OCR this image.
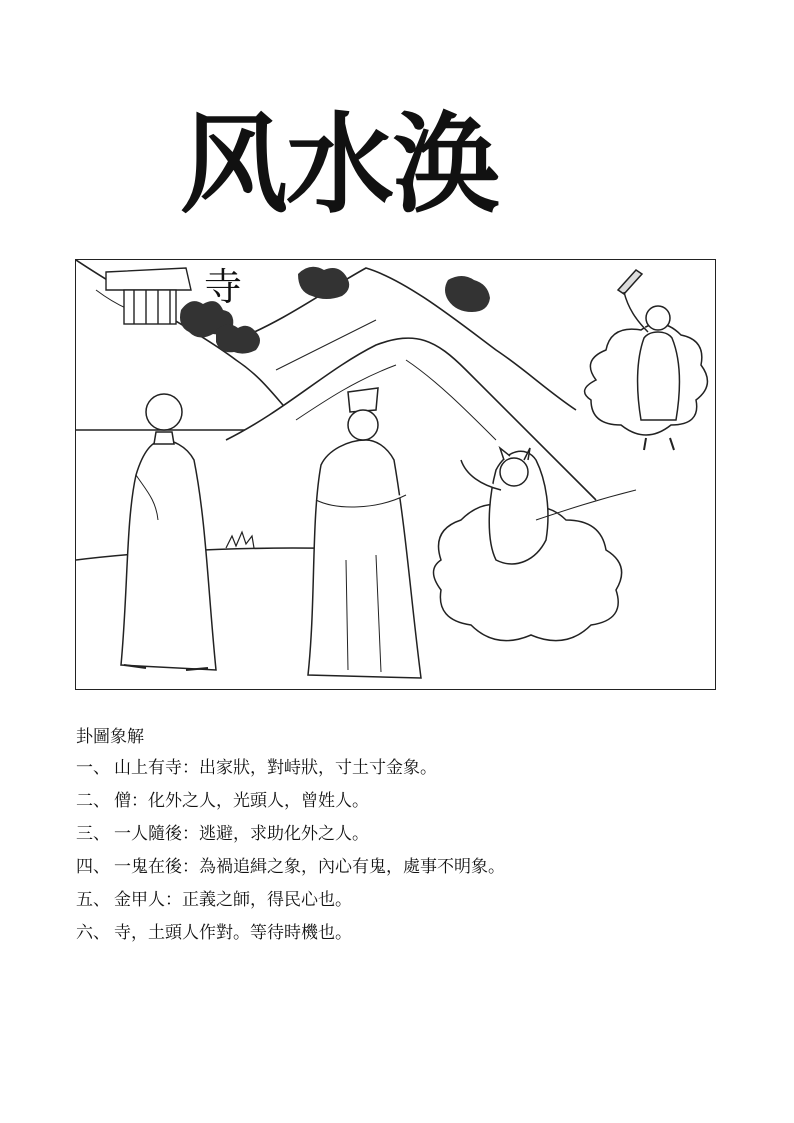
风水涣
寺
卦圖象解
一、 山上有寺：出家狀，對峙狀，寸土寸金象。
二、 僧：化外之人，光頭人，曾姓人。
三、 一人隨後：逃避，求助化外之人。
四、 一鬼在後：為禍追緝之象，內心有鬼，處事不明象。
五、 金甲人：正義之師，得民心也。
六、 寺，土頭人作對。等待時機也。
